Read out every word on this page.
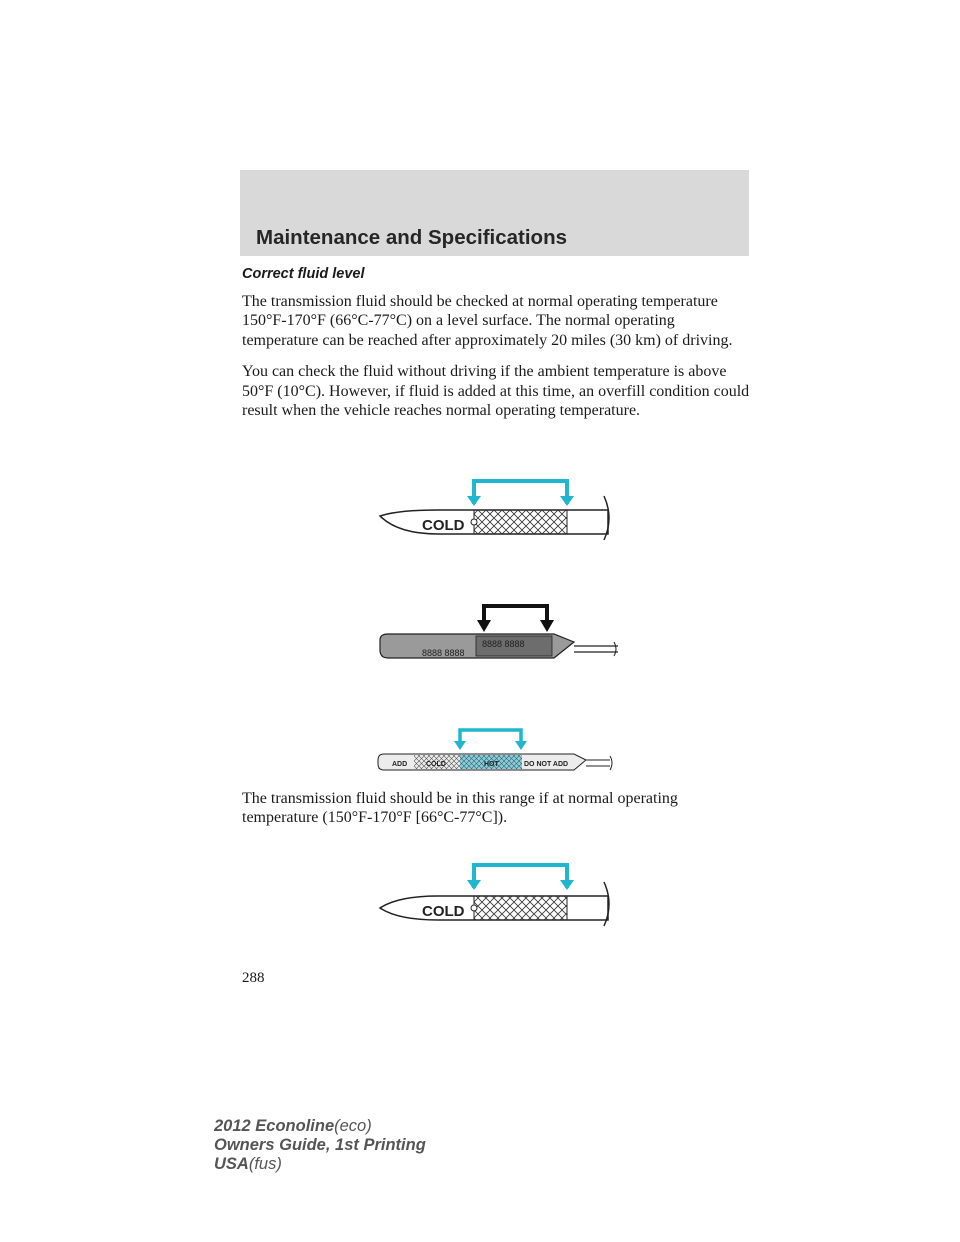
Maintenance and Specifications
Correct fluid level

The transmission fluid should be checked at normal operating temperature 150°F-170°F (66°C-77°C) on a level surface. The normal operating temperature can be reached after approximately 20 miles (30 km) of driving.

You can check the fluid without driving if the ambient temperature is above 50°F (10°C). However, if fluid is added at this time, an overfill condition could result when the vehicle reaches normal operating temperature.

COLD
8888 8888
8888 8888
ADD	COLD	HOT	DO NOT ADD

The transmission fluid should be in this range if at normal operating temperature (150°F-170°F [66°C-77°C]).

COLD
288
2012 Econoline(eco)
Owners Guide, 1st Printing
USA(fus)
